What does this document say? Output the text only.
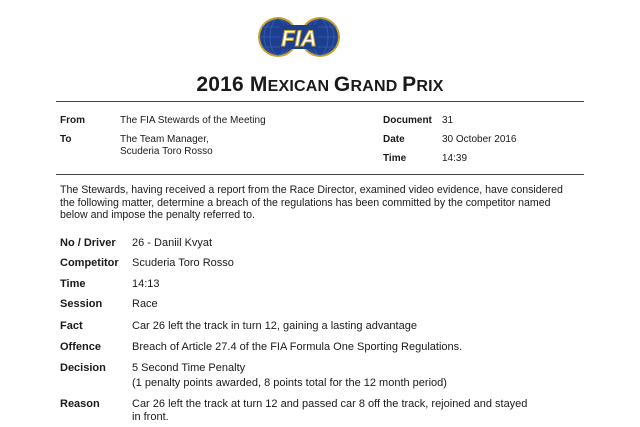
FIA
2016 MEXICAN GRAND PRIX
From	The FIA Stewards of the Meeting
To	The Team Manager,
Scuderia Toro Rosso
Document 31
Date	30 October 2016
Time	14:39
The Stewards, having received a report from the Race Director, examined video evidence, have considered the following matter, determine a breach of the regulations has been committed by the competitor named below and impose the penalty referred to.
No / Driver 26 - Daniil Kvyat
Competitor Scuderia Toro Rosso
Time	14:13
Session	Race
Fact	Car 26 left the track in turn 12, gaining a lasting advantage
Offence	Breach of Article 27.4 of the FIA Formula One Sporting Regulations.
Decision 5 Second Time Penalty
(1 penalty points awarded, 8 points total for the 12 month period)
Reason	Car 26 left the track at turn 12 and passed car 8 off the track, rejoined and stayed in front.
